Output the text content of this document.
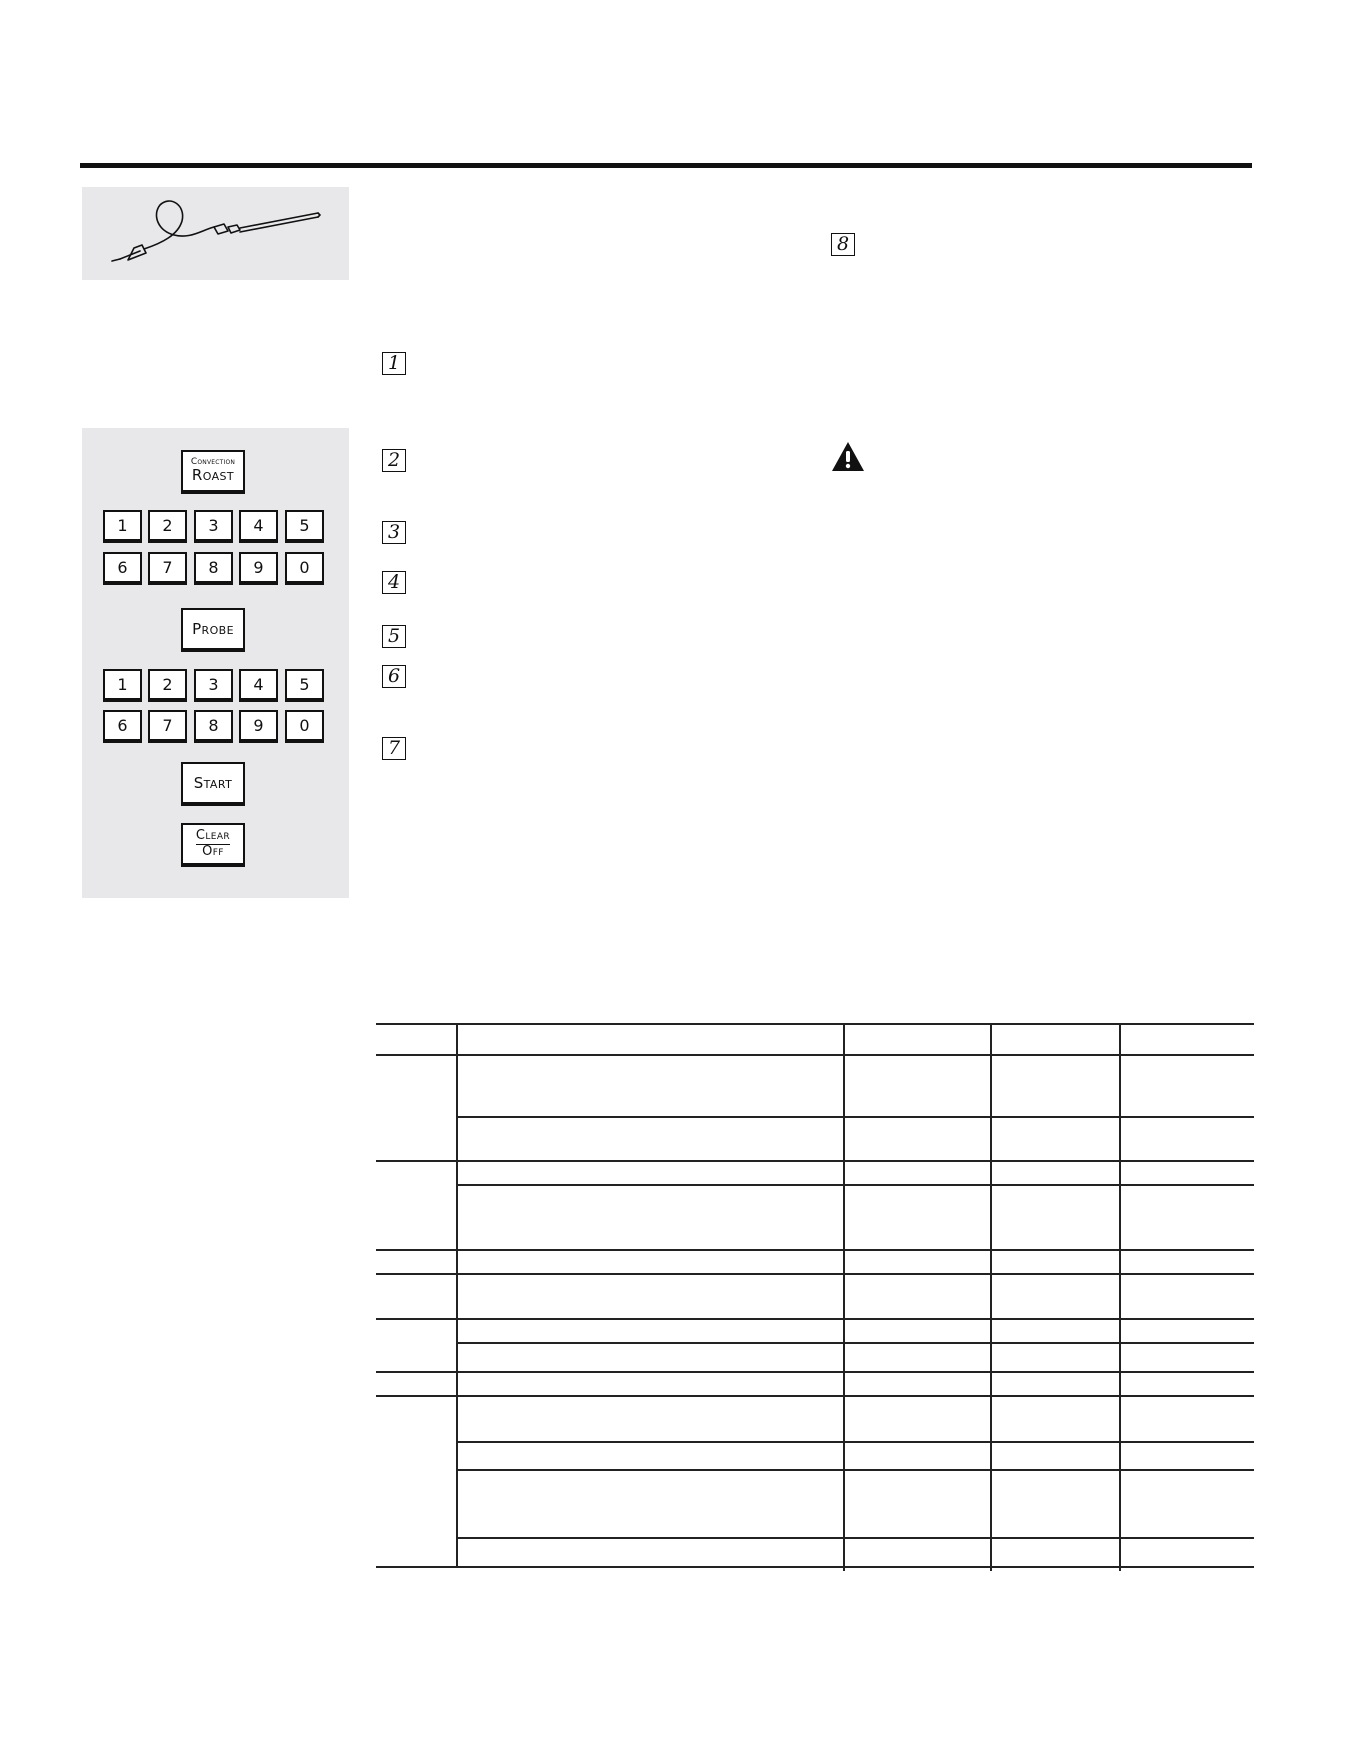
Convection
Roast
1	2	3	4	5
6	7	8	9	0
Probe
1	2	3	4	5
6	7	8	9	0
Start
Clear
Off
1
2
3
4
5
6
7
8
